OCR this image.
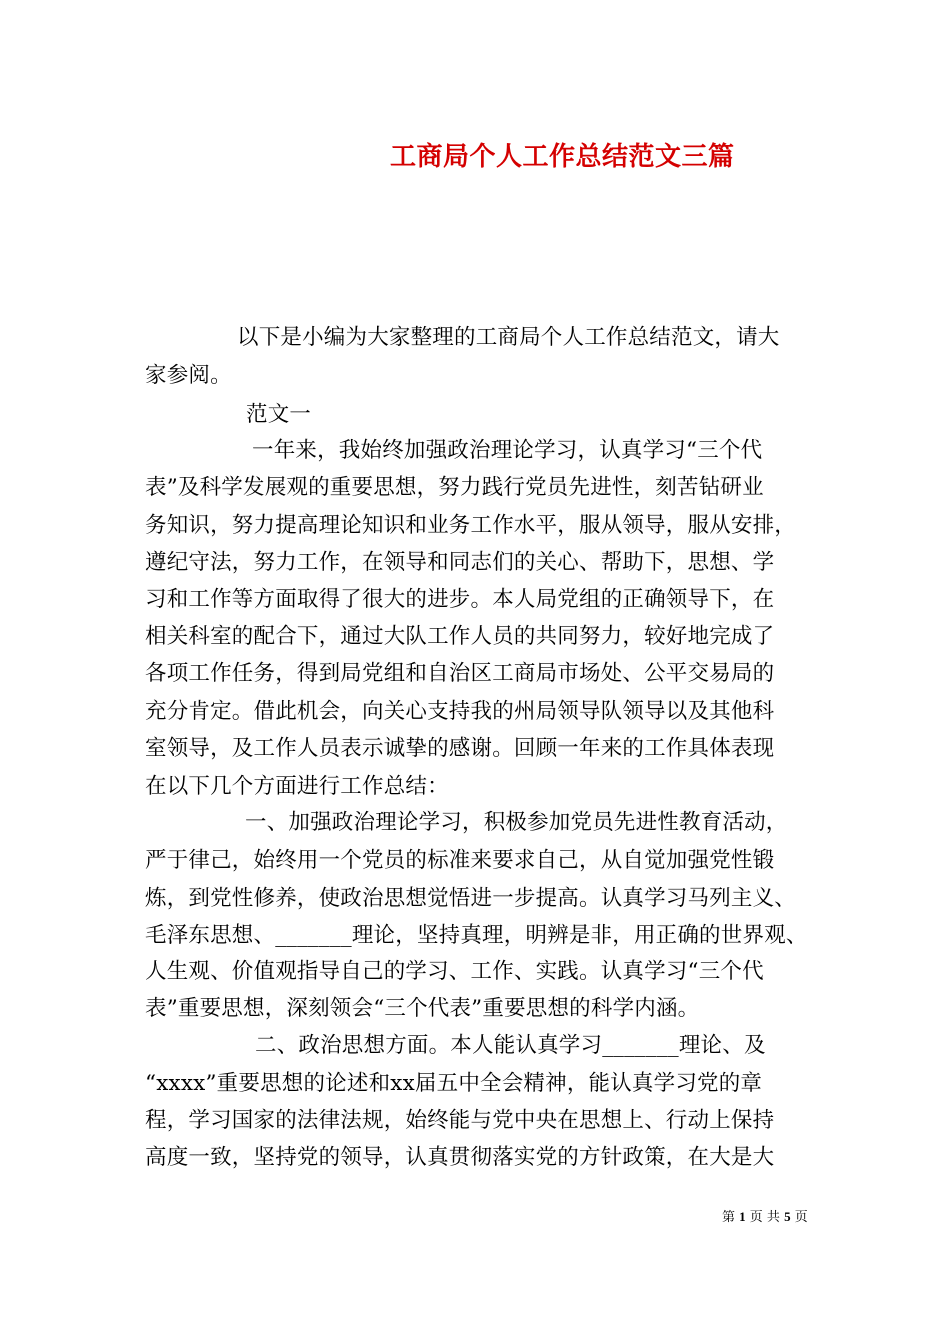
工商局个人工作总结范文三篇
以下是小编为大家整理的工商局个人工作总结范文，请大
家参阅。
范文一
一年来，我始终加强政治理论学习，认真学习“三个代
表”及科学发展观的重要思想，努力践行党员先进性，刻苦钻研业
务知识，努力提高理论知识和业务工作水平，服从领导，服从安排，
遵纪守法，努力工作，在领导和同志们的关心、帮助下，思想、学
习和工作等方面取得了很大的进步。本人局党组的正确领导下，在
相关科室的配合下，通过大队工作人员的共同努力，较好地完成了
各项工作任务，得到局党组和自治区工商局市场处、公平交易局的
充分肯定。借此机会，向关心支持我的州局领导队领导以及其他科
室领导，及工作人员表示诚挚的感谢。回顾一年来的工作具体表现
在以下几个方面进行工作总结：
一、加强政治理论学习，积极参加党员先进性教育活动，
严于律己，始终用一个党员的标准来要求自己，从自觉加强党性锻
炼，到党性修养，使政治思想觉悟进一步提高。认真学习马列主义、
毛泽东思想、_______理论，坚持真理，明辨是非，用正确的世界观、
人生观、价值观指导自己的学习、工作、实践。认真学习“三个代
表”重要思想，深刻领会“三个代表”重要思想的科学内涵。
二、政治思想方面。本人能认真学习_______理论、及
“xxxx”重要思想的论述和xx届五中全会精神，能认真学习党的章
程，学习国家的法律法规，始终能与党中央在思想上、行动上保持
高度一致，坚持党的领导，认真贯彻落实党的方针政策，在大是大
第 1 页 共 5 页
